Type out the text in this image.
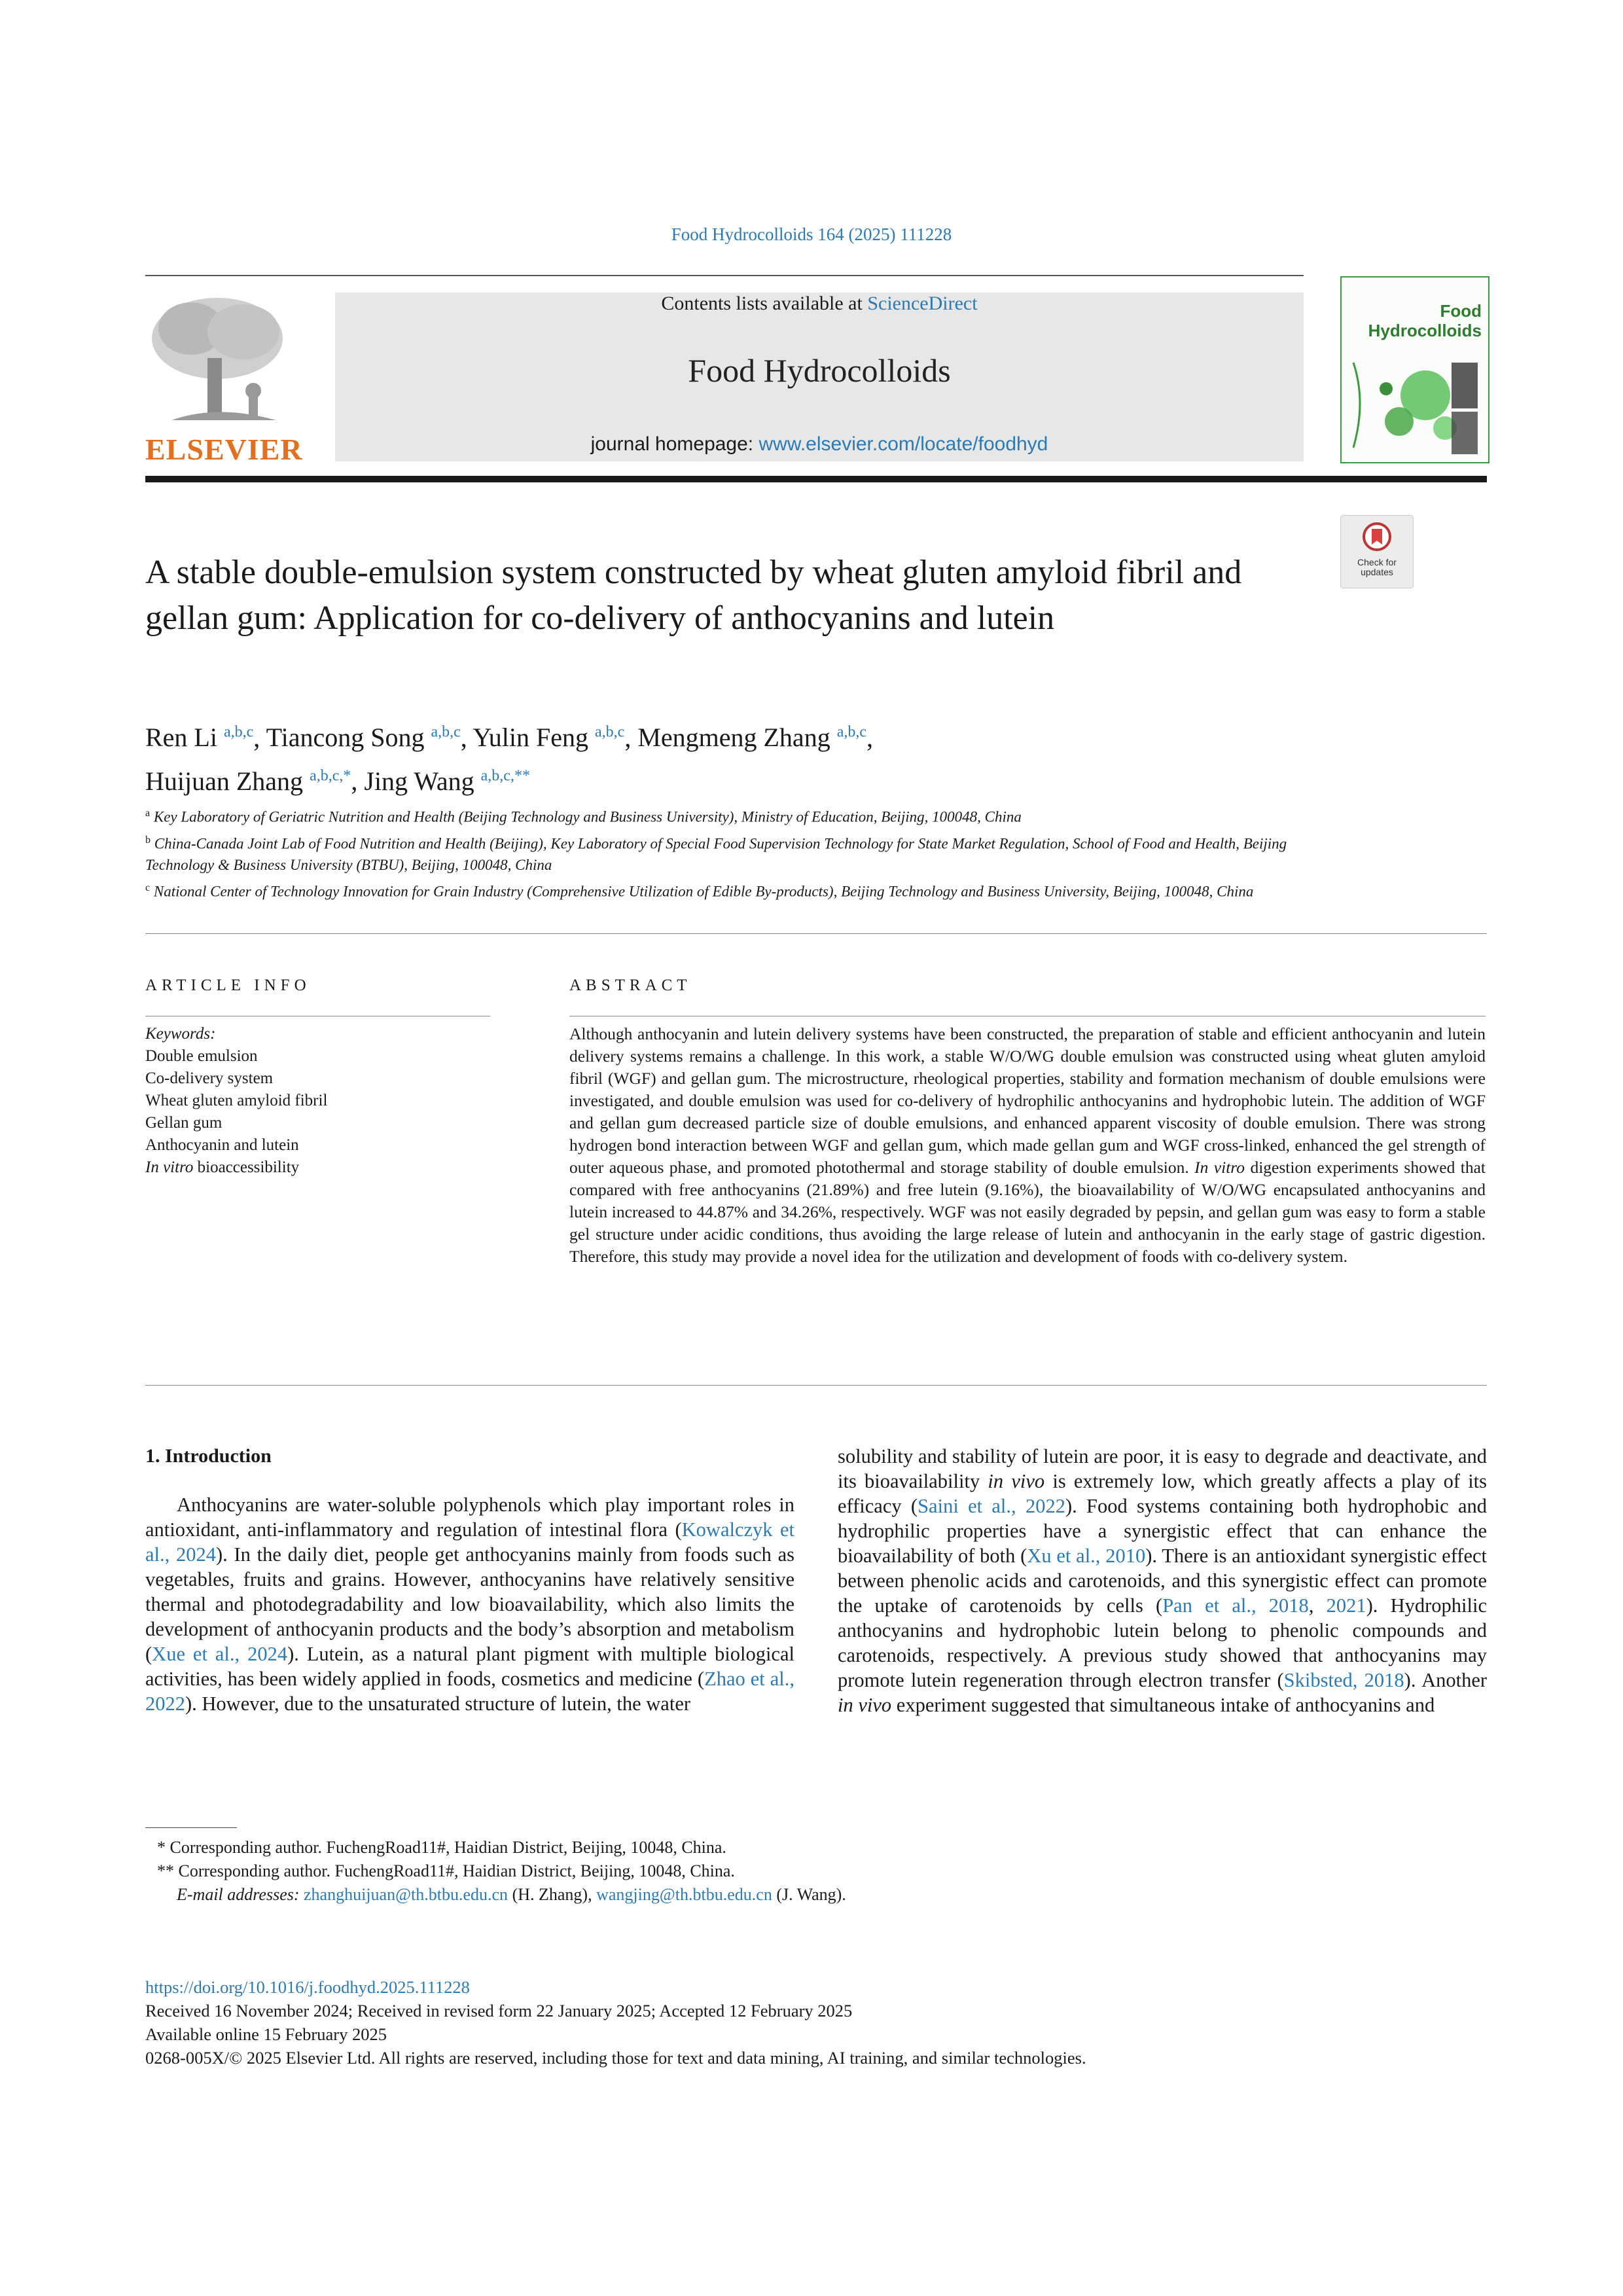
Food Hydrocolloids 164 (2025) 111228
ELSEVIER
Contents lists available at ScienceDirect
Food Hydrocolloids
journal homepage: www.elsevier.com/locate/foodhyd
Food
Hydrocolloids
Check for updates
A stable double-emulsion system constructed by wheat gluten amyloid fibril and gellan gum: Application for co-delivery of anthocyanins and lutein
Ren Li $^{a,b,c}$, Tiancong Song $^{a,b,c}$, Yulin Feng $^{a,b,c}$, Mengmeng Zhang $^{a,b,c}$,
Huijuan Zhang $^{a,b,c,*}$, Jing Wang $^{a,b,c,**}$
$^a$ Key Laboratory of Geriatric Nutrition and Health (Beijing Technology and Business University), Ministry of Education, Beijing, 100048, China
$^b$ China-Canada Joint Lab of Food Nutrition and Health (Beijing), Key Laboratory of Special Food Supervision Technology for State Market Regulation, School of Food and Health, Beijing Technology & Business University (BTBU), Beijing, 100048, China
$^c$ National Center of Technology Innovation for Grain Industry (Comprehensive Utilization of Edible By-products), Beijing Technology and Business University, Beijing, 100048, China
ARTICLE INFO	ABSTRACT
Keywords:
Double emulsion
Co-delivery system
Wheat gluten amyloid fibril
Gellan gum
Anthocyanin and lutein
In vitro bioaccessibility
Although anthocyanin and lutein delivery systems have been constructed, the preparation of stable and efficient anthocyanin and lutein delivery systems remains a challenge. In this work, a stable W/O/WG double emulsion was constructed using wheat gluten amyloid fibril (WGF) and gellan gum. The microstructure, rheological properties, stability and formation mechanism of double emulsions were investigated, and double emulsion was used for co-delivery of hydrophilic anthocyanins and hydrophobic lutein. The addition of WGF and gellan gum decreased particle size of double emulsions, and enhanced apparent viscosity of double emulsion. There was strong hydrogen bond interaction between WGF and gellan gum, which made gellan gum and WGF cross-linked, enhanced the gel strength of outer aqueous phase, and promoted photothermal and storage stability of double emulsion. In vitro digestion experiments showed that compared with free anthocyanins (21.89%) and free lutein (9.16%), the bioavailability of W/O/WG encapsulated anthocyanins and lutein increased to 44.87% and 34.26%, respectively. WGF was not easily degraded by pepsin, and gellan gum was easy to form a stable gel structure under acidic conditions, thus avoiding the large release of lutein and anthocyanin in the early stage of gastric digestion. Therefore, this study may provide a novel idea for the utilization and development of foods with co-delivery system.
1. Introduction
Anthocyanins are water-soluble polyphenols which play important roles in antioxidant, anti-inflammatory and regulation of intestinal flora (Kowalczyk et al., 2024). In the daily diet, people get anthocyanins mainly from foods such as vegetables, fruits and grains. However, anthocyanins have relatively sensitive thermal and photodegradability and low bioavailability, which also limits the development of anthocyanin products and the body’s absorption and metabolism (Xue et al., 2024). Lutein, as a natural plant pigment with multiple biological activities, has been widely applied in foods, cosmetics and medicine (Zhao et al., 2022). However, due to the unsaturated structure of lutein, the water
solubility and stability of lutein are poor, it is easy to degrade and deactivate, and its bioavailability in vivo is extremely low, which greatly affects a play of its efficacy (Saini et al., 2022). Food systems containing both hydrophobic and hydrophilic properties have a synergistic effect that can enhance the bioavailability of both (Xu et al., 2010). There is an antioxidant synergistic effect between phenolic acids and carotenoids, and this synergistic effect can promote the uptake of carotenoids by cells (Pan et al., 2018, 2021). Hydrophilic anthocyanins and hydrophobic lutein belong to phenolic compounds and carotenoids, respectively. A previous study showed that anthocyanins may promote lutein regeneration through electron transfer (Skibsted, 2018). Another in vivo experiment suggested that simultaneous intake of anthocyanins and
* Corresponding author. FuchengRoad11#, Haidian District, Beijing, 10048, China.
** Corresponding author. FuchengRoad11#, Haidian District, Beijing, 10048, China.
E-mail addresses: zhanghuijuan@th.btbu.edu.cn (H. Zhang), wangjing@th.btbu.edu.cn (J. Wang).
https://doi.org/10.1016/j.foodhyd.2025.111228
Received 16 November 2024; Received in revised form 22 January 2025; Accepted 12 February 2025
Available online 15 February 2025
0268-005X/© 2025 Elsevier Ltd. All rights are reserved, including those for text and data mining, AI training, and similar technologies.
